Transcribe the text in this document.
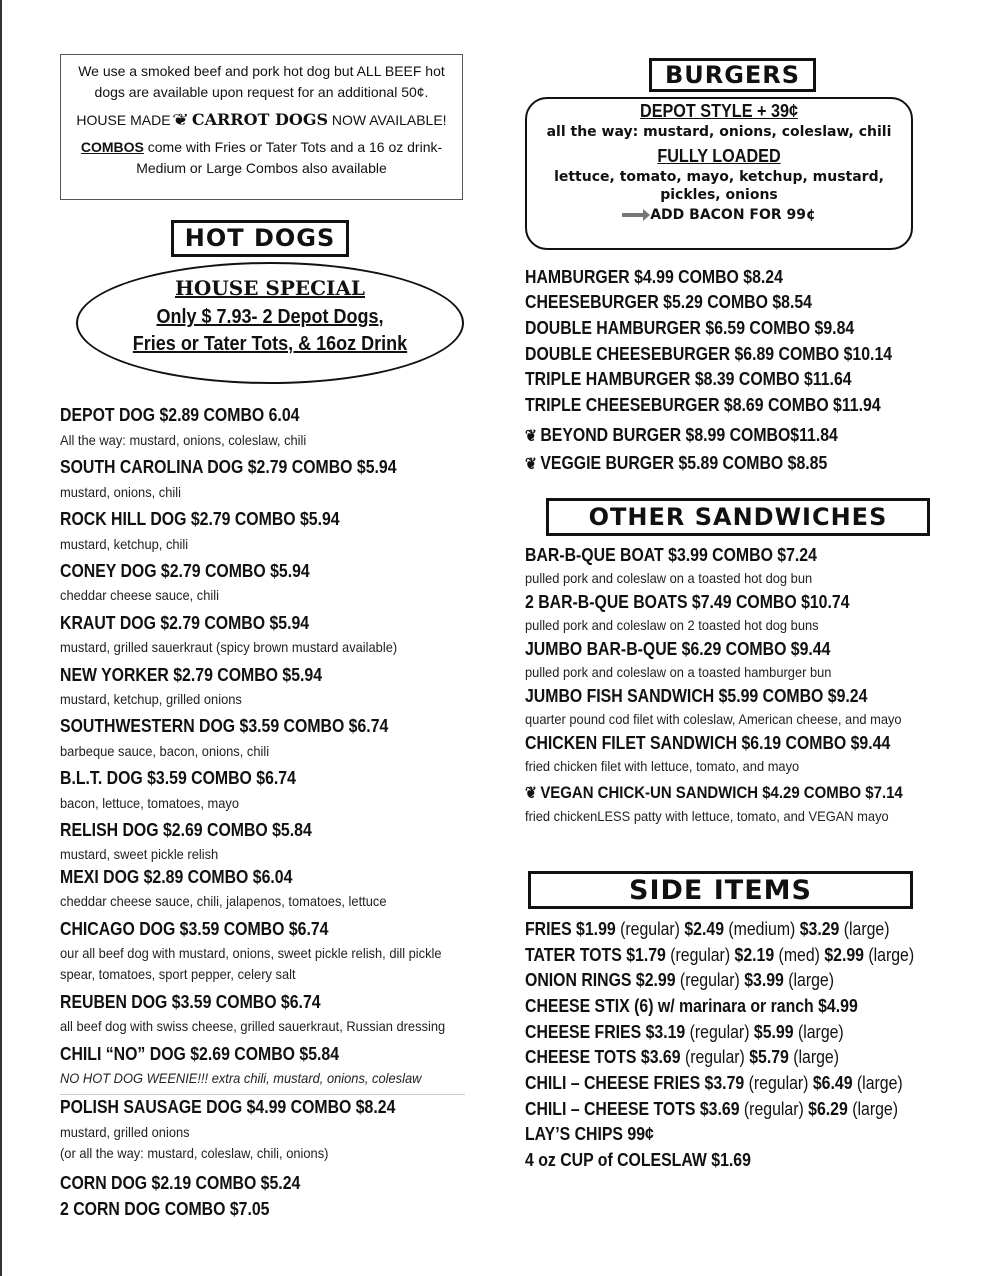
We use a smoked beef and pork hot dog but ALL BEEF hot
dogs are available upon request for an additional 50¢.
HOUSE MADE ❦ CARROT DOGS NOW AVAILABLE!
COMBOS come with Fries or Tater Tots and a 16 oz drink-
Medium or Large Combos also available
HOT DOGS
HOUSE SPECIAL
Only $ 7.93- 2 Depot Dogs,
Fries or Tater Tots, & 16oz Drink
DEPOT DOG $2.89 COMBO 6.04
All the way: mustard, onions, coleslaw, chili
SOUTH CAROLINA DOG $2.79 COMBO $5.94
mustard, onions, chili
ROCK HILL DOG $2.79 COMBO $5.94
mustard, ketchup, chili
CONEY DOG $2.79 COMBO $5.94
cheddar cheese sauce, chili
KRAUT DOG $2.79 COMBO $5.94
mustard, grilled sauerkraut (spicy brown mustard available)
NEW YORKER $2.79 COMBO $5.94
mustard, ketchup, grilled onions
SOUTHWESTERN DOG $3.59 COMBO $6.74
barbeque sauce, bacon, onions, chili
B.L.T. DOG $3.59 COMBO $6.74
bacon, lettuce, tomatoes, mayo
RELISH DOG $2.69 COMBO $5.84
mustard, sweet pickle relish
MEXI DOG $2.89 COMBO $6.04
cheddar cheese sauce, chili, jalapenos, tomatoes, lettuce
CHICAGO DOG $3.59 COMBO $6.74
our all beef dog with mustard, onions, sweet pickle relish, dill pickle
spear, tomatoes, sport pepper, celery salt
REUBEN DOG $3.59 COMBO $6.74
all beef dog with swiss cheese, grilled sauerkraut, Russian dressing
CHILI “NO” DOG $2.69 COMBO $5.84
NO HOT DOG WEENIE!!! extra chili, mustard, onions, coleslaw
POLISH SAUSAGE DOG $4.99 COMBO $8.24
mustard, grilled onions
(or all the way: mustard, coleslaw, chili, onions)
CORN DOG $2.19 COMBO $5.24
2 CORN DOG COMBO $7.05
BURGERS
DEPOT STYLE + 39¢
all the way: mustard, onions, coleslaw, chili
FULLY LOADED
lettuce, tomato, mayo, ketchup, mustard,
pickles, onions
ADD BACON FOR 99¢
HAMBURGER $4.99 COMBO $8.24
CHEESEBURGER $5.29 COMBO $8.54
DOUBLE HAMBURGER $6.59 COMBO $9.84
DOUBLE CHEESEBURGER $6.89 COMBO $10.14
TRIPLE HAMBURGER $8.39 COMBO $11.64
TRIPLE CHEESEBURGER $8.69 COMBO $11.94
❦ BEYOND BURGER $8.99 COMBO$11.84
❦ VEGGIE BURGER $5.89 COMBO $8.85
OTHER SANDWICHES
BAR-B-QUE BOAT $3.99 COMBO $7.24
pulled pork and coleslaw on a toasted hot dog bun
2 BAR-B-QUE BOATS $7.49 COMBO $10.74
pulled pork and coleslaw on 2 toasted hot dog buns
JUMBO BAR-B-QUE $6.29 COMBO $9.44
pulled pork and coleslaw on a toasted hamburger bun
JUMBO FISH SANDWICH $5.99 COMBO $9.24
quarter pound cod filet with coleslaw, American cheese, and mayo
CHICKEN FILET SANDWICH $6.19 COMBO $9.44
fried chicken filet with lettuce, tomato, and mayo
❦ VEGAN CHICK-UN SANDWICH $4.29 COMBO $7.14
fried chickenLESS patty with lettuce, tomato, and VEGAN mayo
SIDE ITEMS
FRIES $1.99 (regular) $2.49 (medium) $3.29 (large)
TATER TOTS $1.79 (regular) $2.19 (med) $2.99 (large)
ONION RINGS $2.99 (regular) $3.99 (large)
CHEESE STIX (6) w/ marinara or ranch $4.99
CHEESE FRIES $3.19 (regular) $5.99 (large)
CHEESE TOTS $3.69 (regular) $5.79 (large)
CHILI – CHEESE FRIES $3.79 (regular) $6.49 (large)
CHILI – CHEESE TOTS $3.69 (regular) $6.29 (large)
LAY’S CHIPS 99¢
4 oz CUP of COLESLAW $1.69
